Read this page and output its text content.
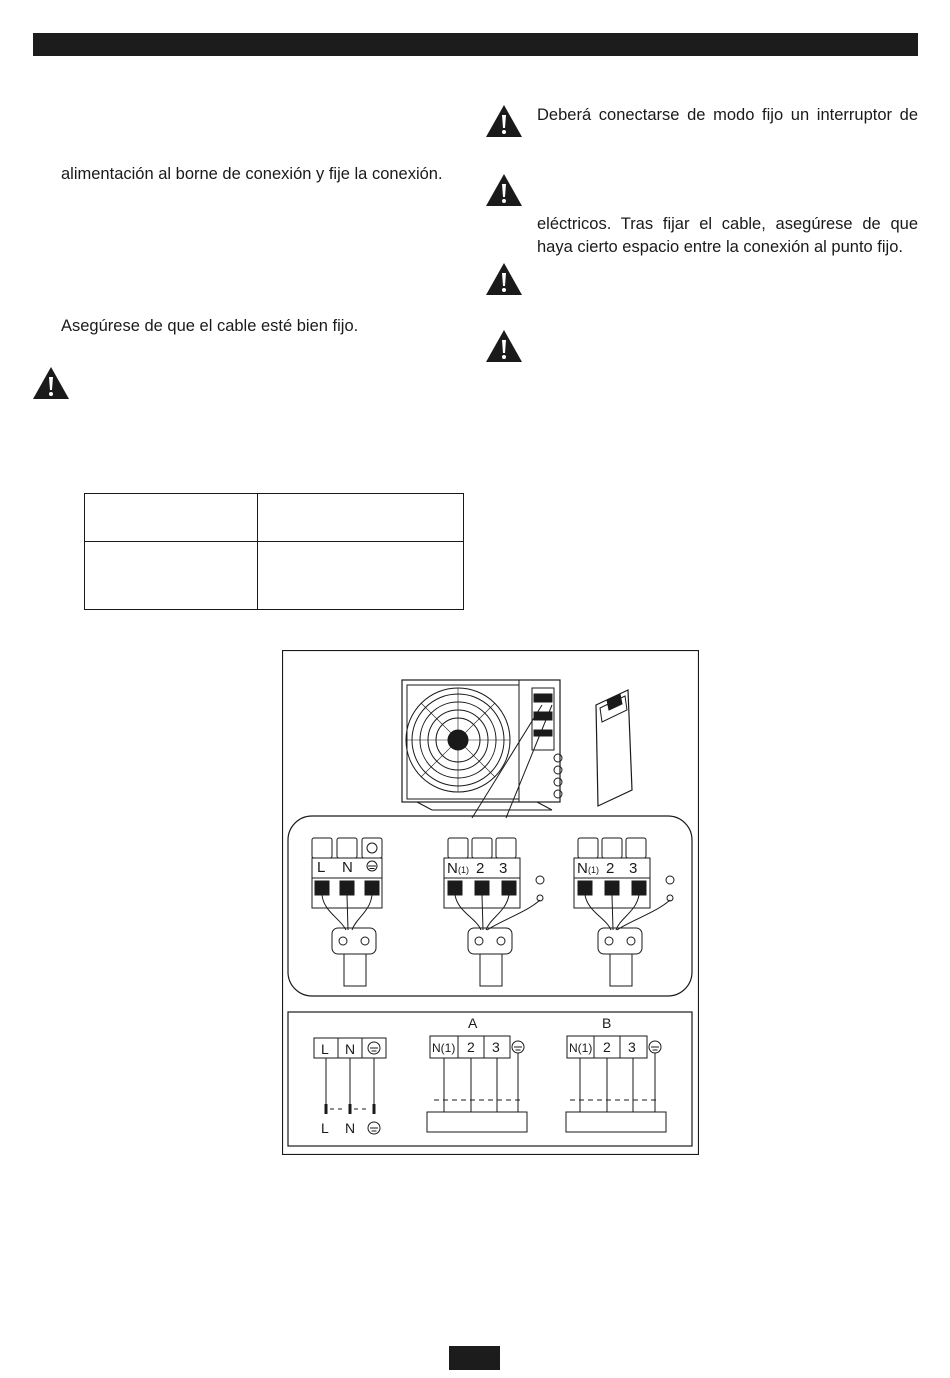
alimentación al borne de conexión y fije la conexión.

Asegúrese de que el cable esté bien fijo.

Deberá conectarse de modo fijo un interruptor de

eléctricos. Tras fijar el cable, asegúrese de que

haya cierto espacio entre la conexión al punto fijo.

L N	N (1) 2 3	N (1) 2 3
L N
L N
A
N(1) 2 3
B
N(1) 2 3
